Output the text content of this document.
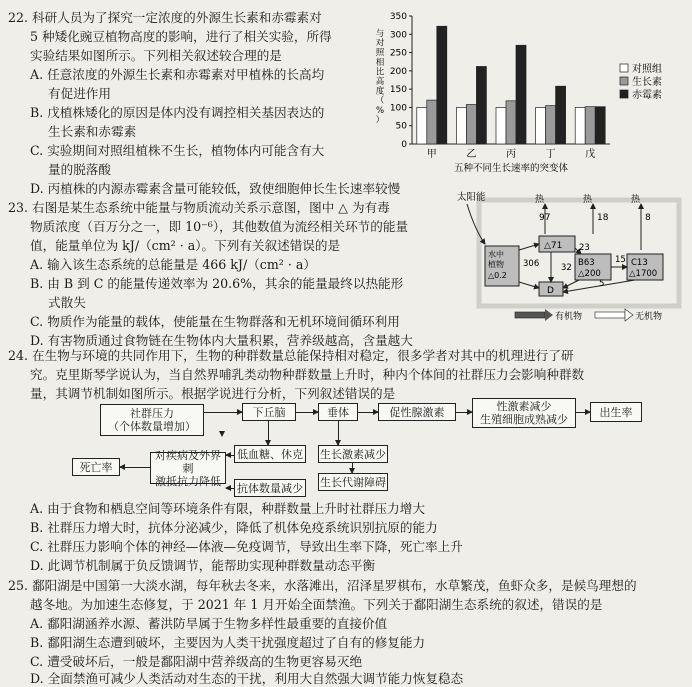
22. 科研人员为了探究一定浓度的外源生长素和赤霉素对
5 种矮化豌豆植物高度的影响，进行了相关实验，所得
实验结果如图所示。下列相关叙述较合理的是
A. 任意浓度的外源生长素和赤霉素对甲植株的长高均
有促进作用
B. 戊植株矮化的原因是体内没有调控相关基因表达的
生长素和赤霉素
C. 实验期间对照组植株不生长，植物体内可能含有大
量的脱落酸
D. 丙植株的内源赤霉素含量可能较低，致使细胞伸长生长速率较慢
0
50
100
150
200
250
300
350
与
对
照
相
比
高
度
（
%
）
甲	乙	丙	丁	戊
五种不同生长速率的突变体
对照组
生长素
赤霉素
23. 右图是某生态系统中能量与物质流动关系示意图，图中 △ 为有毒
物质浓度（百万分之一，即 10⁻⁶），其他数值为流经相关环节的能量
值，能量单位为 kJ/（cm² · a）。下列有关叙述错误的是
A. 输入该生态系统的总能量是 466 kJ/（cm² · a）
B. 由 B 到 C 的能量传递效率为 20.6%，其余的能量最终以热能形
式散失
C. 物质作为能量的载体，使能量在生物群落和无机环境间循环利用
D. 有害物质通过食物链在生物体内大量积累，营养级越高，含量越大
太阳能	热	热	热
97	18	8
水中
植物
△0.2
△71
B63
△200
C13
△1700
D
306	32
23
15
5
有机物	无机物
24. 在生物与环境的共同作用下，生物的种群数量总能保持相对稳定，很多学者对其中的机理进行了研
究。克里斯琴学说认为，当自然界哺乳类动物种群数量上升时，种内个体间的社群压力会影响种群数
量，其调节机制如图所示。根据学说进行分析，下列叙述错误的是
社群压力
（个体数量增加）
下丘脑	垂体	促性腺激素	性激素减少
生殖细胞成熟减少
出生率
低血糖、休克 生长激素减少
生长代谢障碍
对疾病及外界刺
激抵抗力降低
死亡率
抗体数量减少
A. 由于食物和栖息空间等环境条件有限，种群数量上升时社群压力增大
B. 社群压力增大时，抗体分泌减少，降低了机体免疫系统识别抗原的能力
C. 社群压力影响个体的神经—体液—免疫调节，导致出生率下降，死亡率上升
D. 此调节机制属于负反馈调节，能帮助实现种群数量动态平衡
25. 鄱阳湖是中国第一大淡水湖，每年秋去冬来，水落滩出，沼泽星罗棋布，水草繁茂，鱼虾众多，是候鸟理想的
越冬地。为加速生态修复，于 2021 年 1 月开始全面禁渔。下列关于鄱阳湖生态系统的叙述，错误的是
A. 鄱阳湖涵养水源、蓄洪防旱属于生物多样性最重要的直接价值
B. 鄱阳湖生态遭到破坏，主要因为人类干扰强度超过了自有的修复能力
C. 遭受破坏后，一般是鄱阳湖中营养级高的生物更容易灭绝
D. 全面禁渔可减少人类活动对生态的干扰，利用大自然强大调节能力恢复稳态
